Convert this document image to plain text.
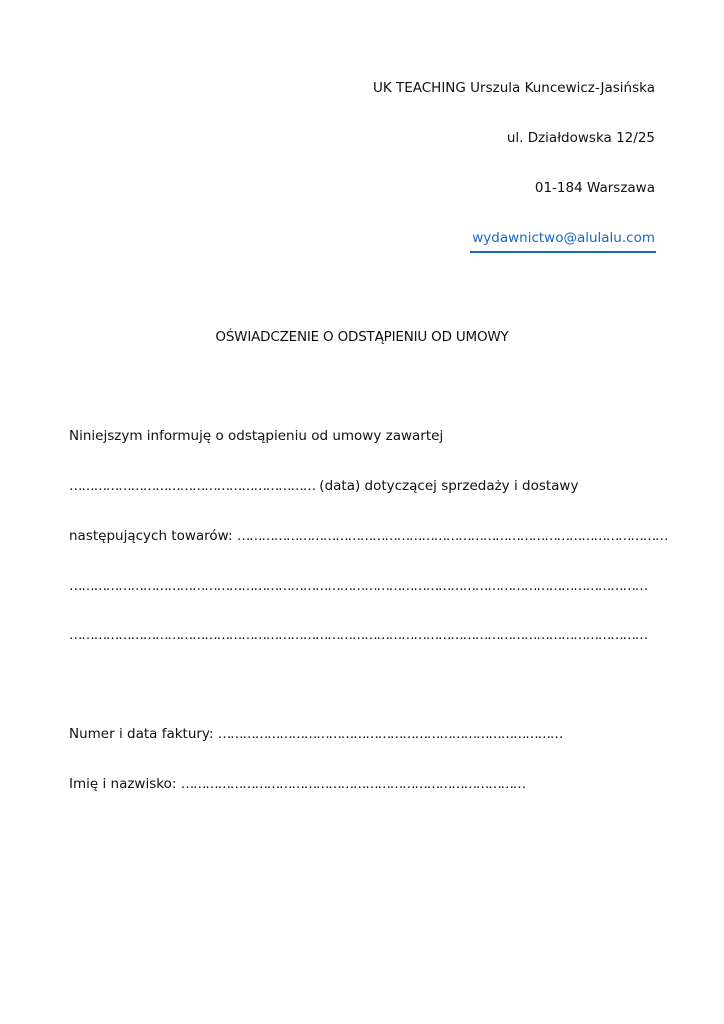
UK TEACHING Urszula Kuncewicz-Jasińska
ul. Działdowska 12/25
01-184 Warszawa
wydawnictwo@alulalu.com
OŚWIADCZENIE O ODSTĄPIENIU OD UMOWY
Niniejszym informuję o odstąpieniu od umowy zawartej
…………………………………………………… (data) dotyczącej sprzedaży i dostawy
następujących towarów: ……………………………………………………………………………………………
……………………………………………………………………………………………………………………………
……………………………………………………………………………………………………………………………
Numer i data faktury: …………………………………………………………………………
Imię i nazwisko: …………………………………………………………………………
